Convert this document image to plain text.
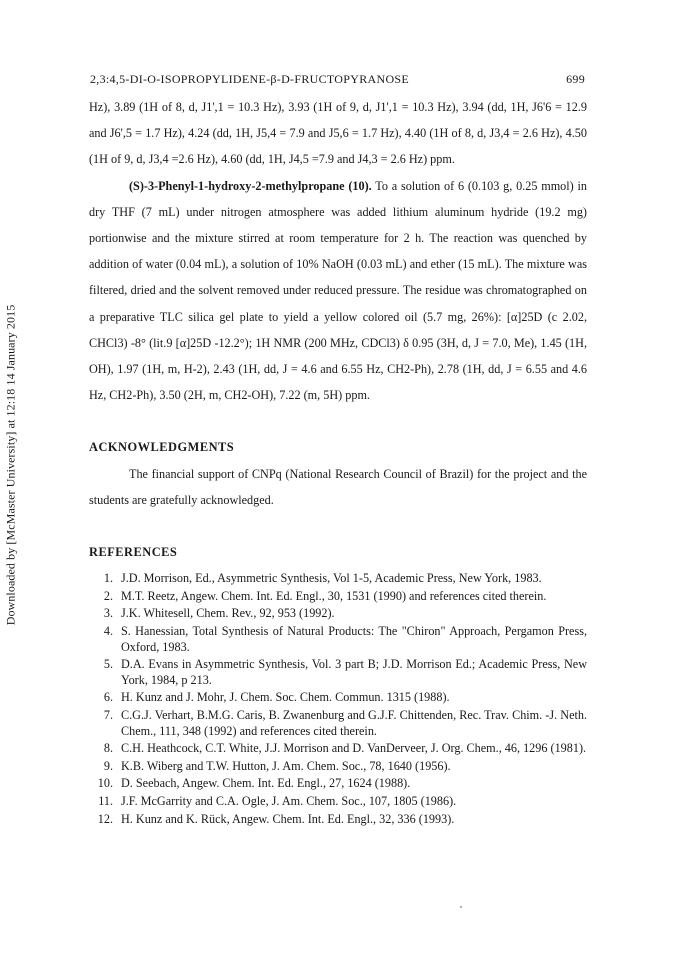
Downloaded by [McMaster University] at 12:18 14 January 2015
2,3:4,5-DI-O-ISOPROPYLIDENE-β-D-FRUCTOPYRANOSE	699

Hz), 3.89 (1H of 8, d, J1',1 = 10.3 Hz), 3.93 (1H of 9, d, J1',1 = 10.3 Hz), 3.94 (dd, 1H, J6'6 = 12.9 and J6',5 = 1.7 Hz), 4.24 (dd, 1H, J5,4 = 7.9 and J5,6 = 1.7 Hz), 4.40 (1H of 8, d, J3,4 = 2.6 Hz), 4.50 (1H of 9, d, J3,4 =2.6 Hz), 4.60 (dd, 1H, J4,5 =7.9 and J4,3 = 2.6 Hz) ppm.

(S)-3-Phenyl-1-hydroxy-2-methylpropane (10). To a solution of 6 (0.103 g, 0.25 mmol) in dry THF (7 mL) under nitrogen atmosphere was added lithium aluminum hydride (19.2 mg) portionwise and the mixture stirred at room temperature for 2 h. The reaction was quenched by addition of water (0.04 mL), a solution of 10% NaOH (0.03 mL) and ether (15 mL). The mixture was filtered, dried and the solvent removed under reduced pressure. The residue was chromatographed on a preparative TLC silica gel plate to yield a yellow colored oil (5.7 mg, 26%): [α]25D (c 2.02, CHCl3) -8° (lit.9 [α]25D -12.2°); 1H NMR (200 MHz, CDCl3) δ 0.95 (3H, d, J = 7.0, Me), 1.45 (1H, OH), 1.97 (1H, m, H-2), 2.43 (1H, dd, J = 4.6 and 6.55 Hz, CH2-Ph), 2.78 (1H, dd, J = 6.55 and 4.6 Hz, CH2-Ph), 3.50 (2H, m, CH2-OH), 7.22 (m, 5H) ppm.

ACKNOWLEDGMENTS

The financial support of CNPq (National Research Council of Brazil) for the project and the students are gratefully acknowledged.

REFERENCES
1. J.D. Morrison, Ed., Asymmetric Synthesis, Vol 1-5, Academic Press, New York, 1983.
2. M.T. Reetz, Angew. Chem. Int. Ed. Engl., 30, 1531 (1990) and references cited therein.
3. J.K. Whitesell, Chem. Rev., 92, 953 (1992).
4. S. Hanessian, Total Synthesis of Natural Products: The "Chiron" Approach, Pergamon Press, Oxford, 1983.
5. D.A. Evans in Asymmetric Synthesis, Vol. 3 part B; J.D. Morrison Ed.; Academic Press, New York, 1984, p 213.
6. H. Kunz and J. Mohr, J. Chem. Soc. Chem. Commun. 1315 (1988).
7. C.G.J. Verhart, B.M.G. Caris, B. Zwanenburg and G.J.F. Chittenden, Rec. Trav. Chim. -J. Neth. Chem., 111, 348 (1992) and references cited therein.
8. C.H. Heathcock, C.T. White, J.J. Morrison and D. VanDerveer, J. Org. Chem., 46, 1296 (1981).
9. K.B. Wiberg and T.W. Hutton, J. Am. Chem. Soc., 78, 1640 (1956).
10. D. Seebach, Angew. Chem. Int. Ed. Engl., 27, 1624 (1988).
11. J.F. McGarrity and C.A. Ogle, J. Am. Chem. Soc., 107, 1805 (1986).
12. H. Kunz and K. Rück, Angew. Chem. Int. Ed. Engl., 32, 336 (1993).
